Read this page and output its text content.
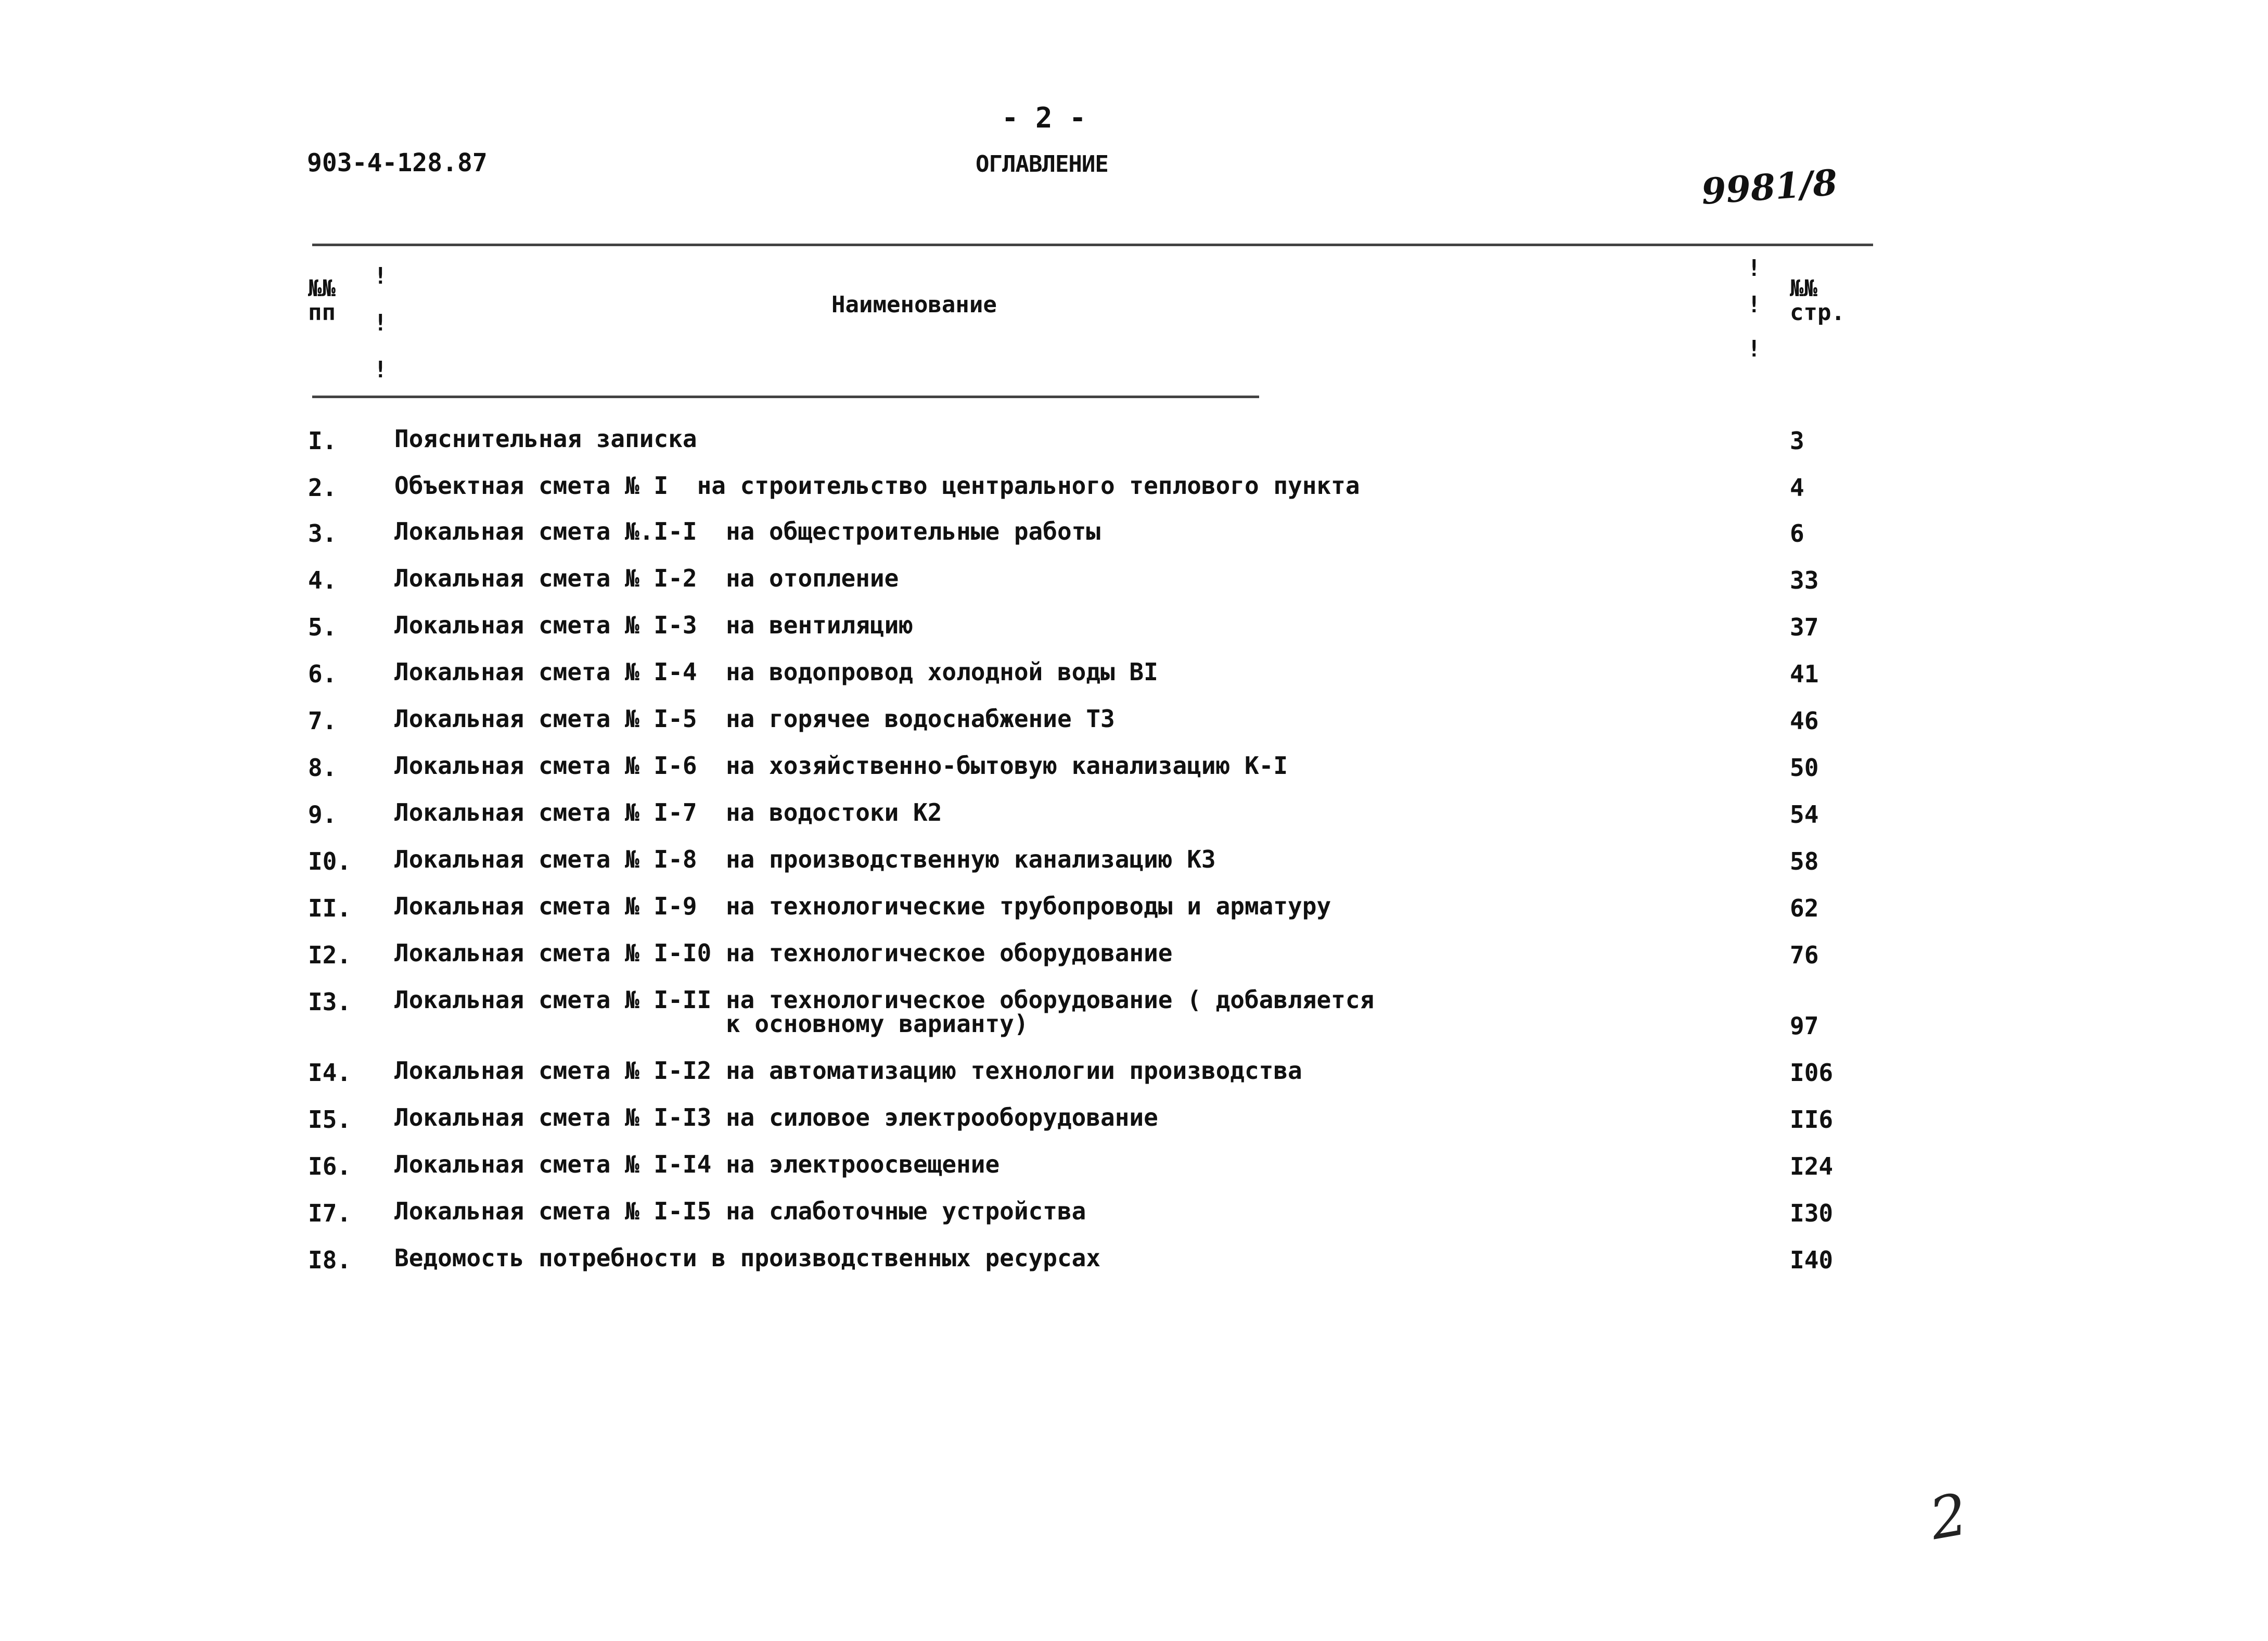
- 2 -
903-4-128.87	ОГЛАВЛЕНИЕ	9981/8
№№
пп
!
!
!
Наименование
!
!
!
№№
стр.
I. Пояснительная записка	3
2. Объектная смета № I  на строительство центрального теплового пункта	4
3. Локальная смета №.I-I  на общестроительные работы	6
4. Локальная смета № I-2  на отопление	33
5. Локальная смета № I-3  на вентиляцию	37
6. Локальная смета № I-4  на водопровод холодной воды BI	41
7. Локальная смета № I-5  на горячее водоснабжение ТЗ	46
8. Локальная смета № I-6  на хозяйственно-бытовую канализацию К-I	50
9. Локальная смета № I-7  на водостоки К2	54
I0. Локальная смета № I-8  на производственную канализацию К3	58
II. Локальная смета № I-9  на технологические трубопроводы и арматуру	62
I2. Локальная смета № I-I0 на технологическое оборудование	76
I3. Локальная смета № I-II на технологическое оборудование ( добавляется
к основному варианту)	97
I4. Локальная смета № I-I2 на автоматизацию технологии производства	I06
I5. Локальная смета № I-I3 на силовое электрооборудование	II6
I6. Локальная смета № I-I4 на электроосвещение	I24
I7. Локальная смета № I-I5 на слаботочные устройства	I30
I8. Ведомость потребности в производственных ресурсах	I40
2
